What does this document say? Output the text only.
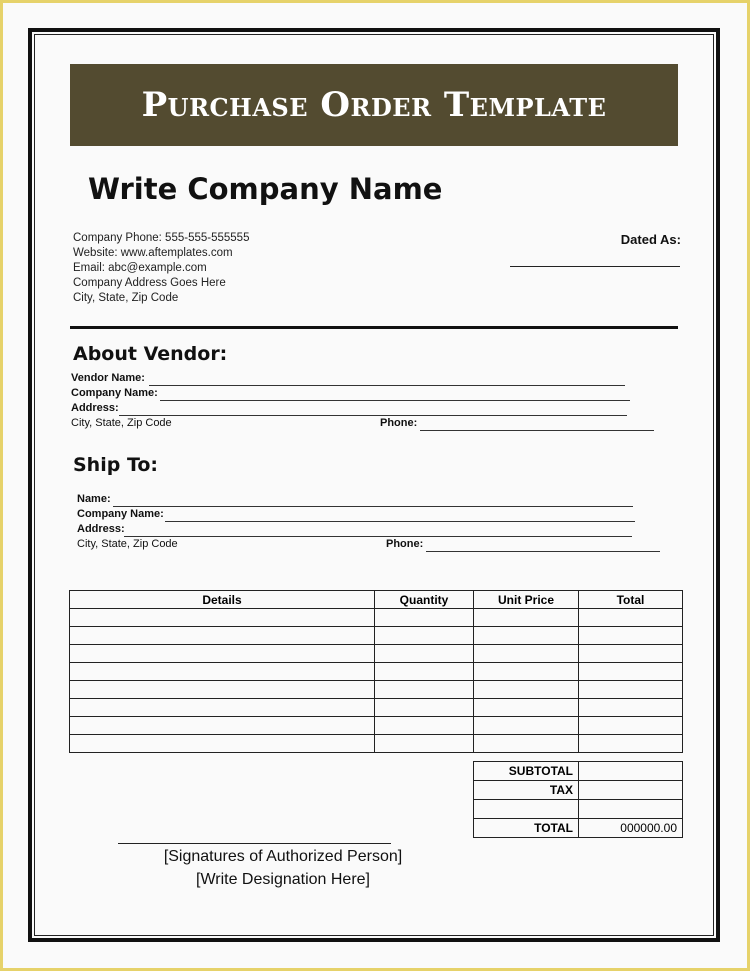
Purchase Order Template
Write Company Name
Company Phone: 555-555-555555
Website: www.aftemplates.com
Email: abc@example.com
Company Address Goes Here
City, State, Zip Code
Dated As:
About Vendor:
Vendor Name:
Company Name:
Address:
City, State, Zip Code	Phone:
Ship To:
Name:
Company Name:
Address:
City, State, Zip Code	Phone:
Details	Quantity	Unit Price	Total

SUBTOTAL	
TAX	

TOTAL	000000.00
[Signatures of Authorized Person]
[Write Designation Here]
